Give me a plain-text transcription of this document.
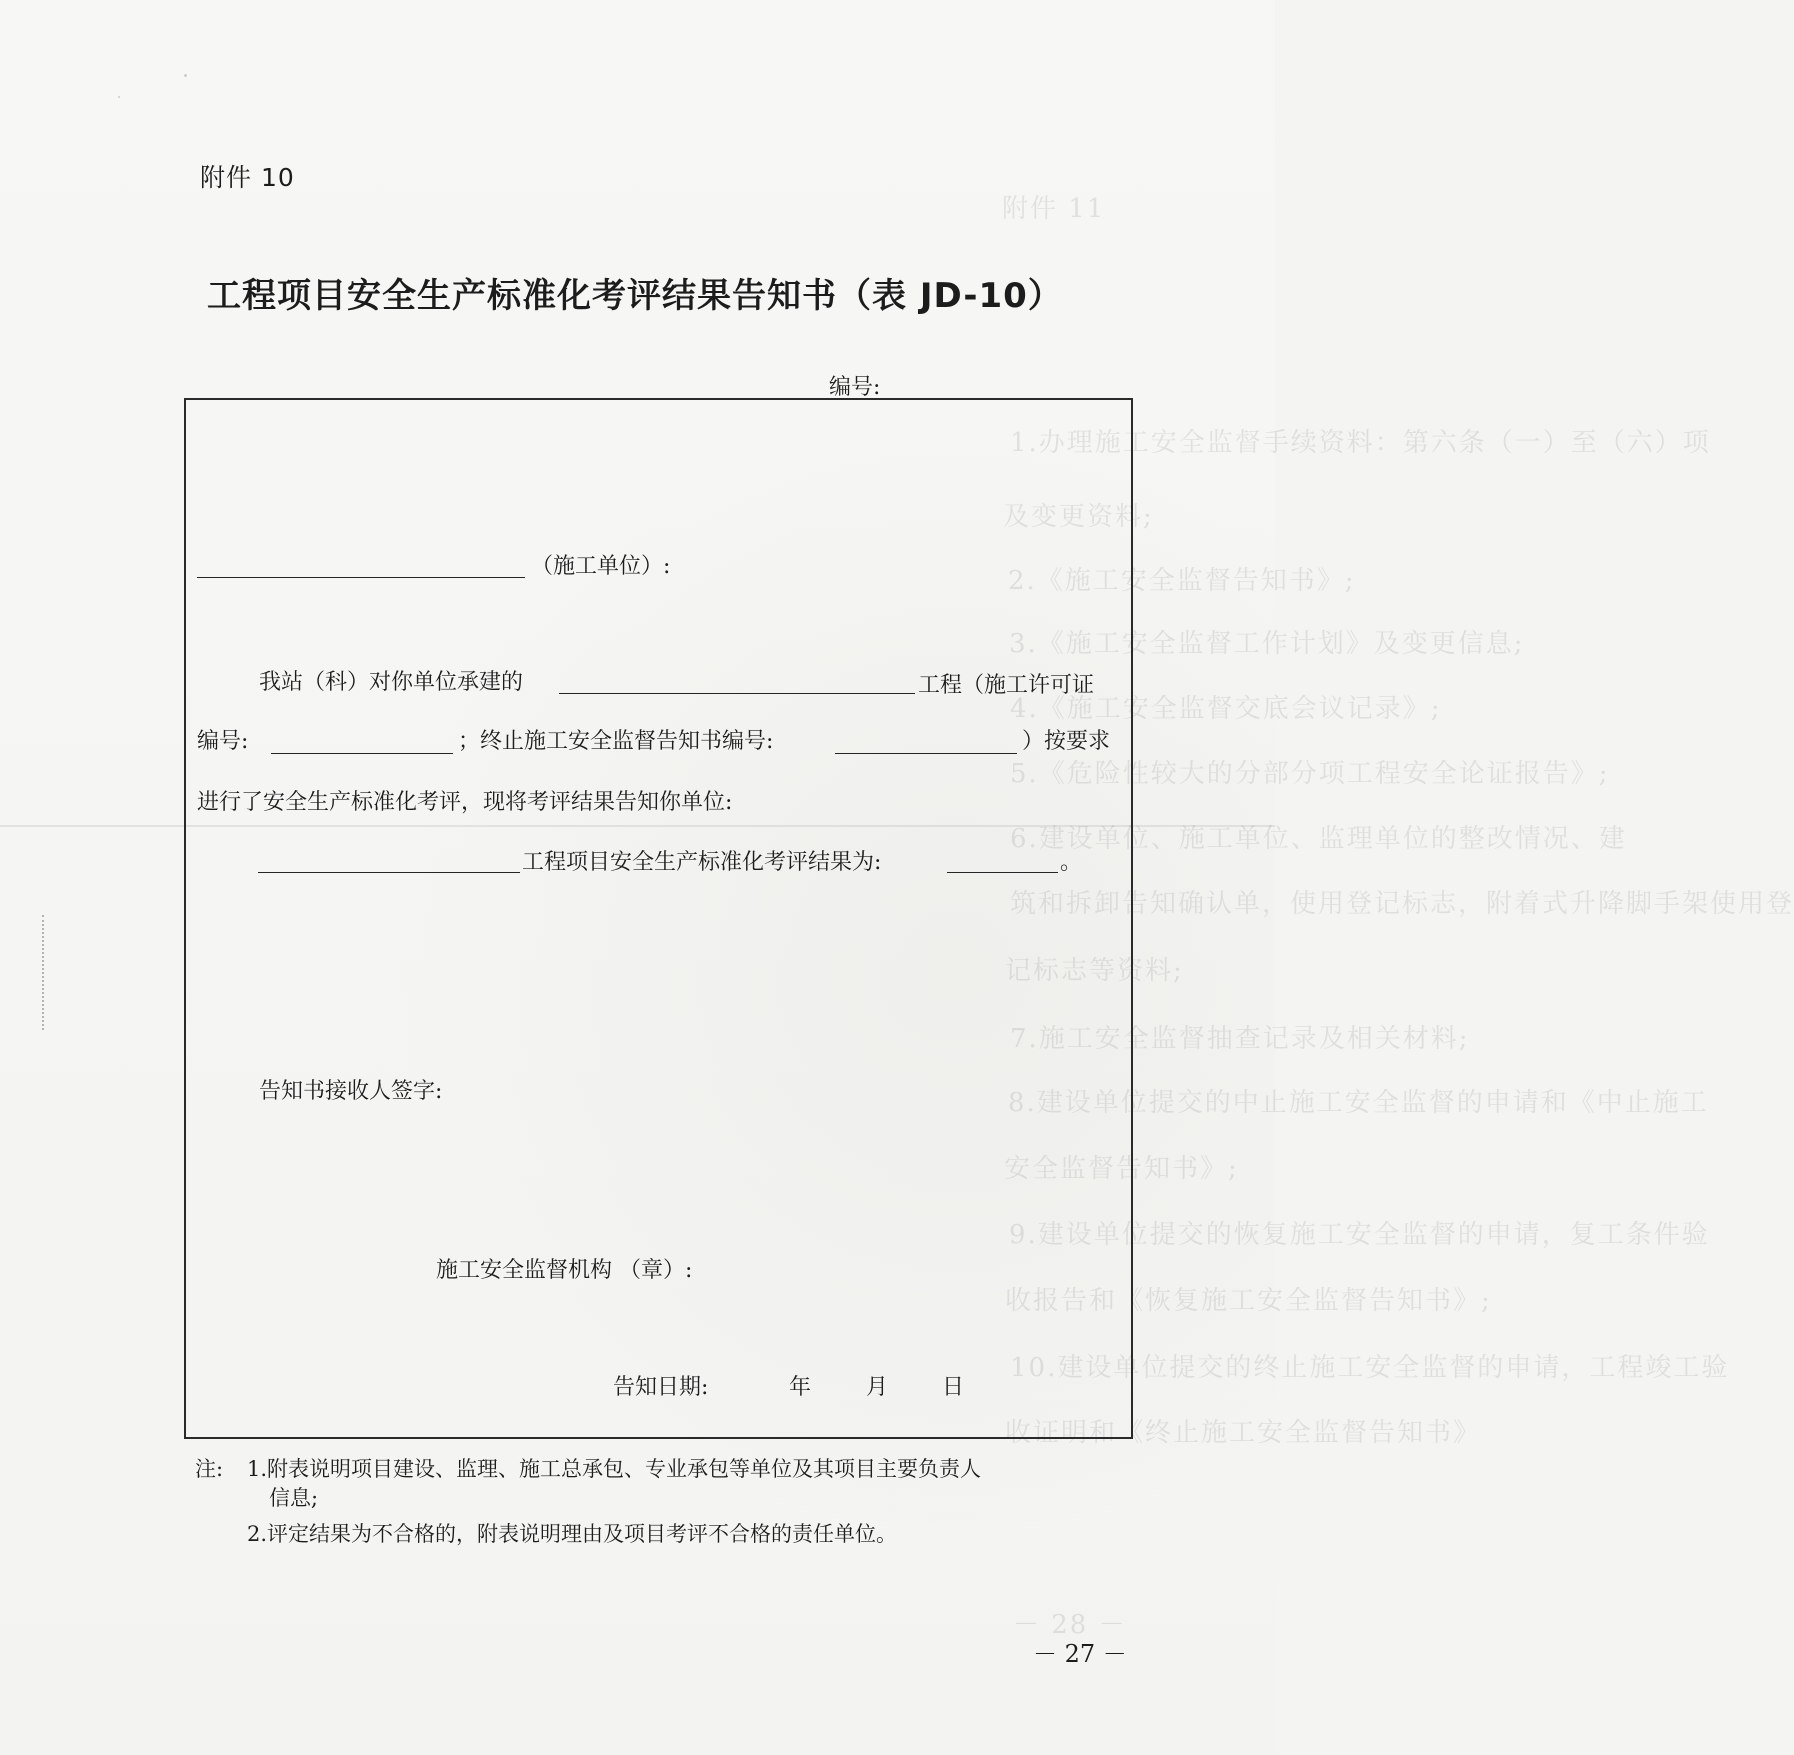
附件 11
1.办理施工安全监督手续资料：第六条（一）至（六）项
及变更资料;
2.《施工安全监督告知书》;
3.《施工安全监督工作计划》及变更信息;
4.《施工安全监督交底会议记录》;
5.《危险性较大的分部分项工程安全论证报告》;
6.建设单位、施工单位、监理单位的整改情况、建
筑和拆卸告知确认单，使用登记标志，附着式升降脚手架使用登
记标志等资料;
7.施工安全监督抽查记录及相关材料;
8.建设单位提交的中止施工安全监督的申请和《中止施工
安全监督告知书》;
9.建设单位提交的恢复施工安全监督的申请，复工条件验
收报告和《恢复施工安全监督告知书》;
10.建设单位提交的终止施工安全监督的申请，工程竣工验
收证明和《终止施工安全监督告知书》
－ 28 －
附件 10
工程项目安全生产标准化考评结果告知书（表 JD-10）
编号:
（施工单位）:
我站（科）对你单位承建的	工程（施工许可证
编号:	；终止施工安全监督告知书编号:	）按要求
进行了安全生产标准化考评，现将考评结果告知你单位:
工程项目安全生产标准化考评结果为:	。
告知书接收人签字:
施工安全监督机构 （章）:
告知日期:	年 月 日
注: 1.附表说明项目建设、监理、施工总承包、专业承包等单位及其项目主要负责人
信息;
2.评定结果为不合格的，附表说明理由及项目考评不合格的责任单位。
－ 27 －
